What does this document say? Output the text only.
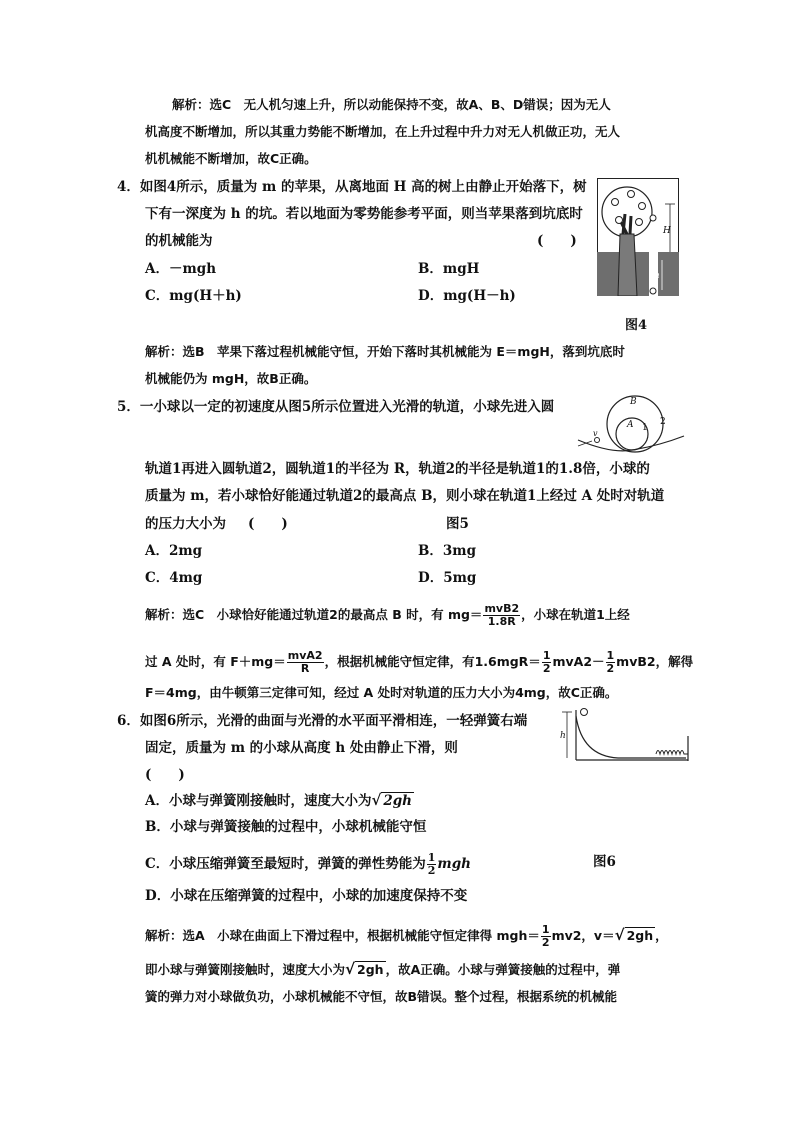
解析：选C　无人机匀速上升，所以动能保持不变，故A、B、D错误；因为无人
机高度不断增加，所以其重力势能不断增加，在上升过程中升力对无人机做正功，无人
机机械能不断增加，故C正确。
4．如图4所示，质量为 m 的苹果，从离地面 H 高的树上由静止开始落下，树
下有一深度为 h 的坑。若以地面为零势能参考平面，则当苹果落到坑底时
的机械能为	(　　)
A．－mgh	B．mgH
C．mg(H＋h)	D．mg(H－h)
H
h
图4
解析：选B　苹果下落过程机械能守恒，开始下落时其机械能为 E＝mgH，落到坑底时
机械能仍为 mgH，故B正确。
5．一小球以一定的初速度从图5所示位置进入光滑的轨道，小球先进入圆	B
A 1
2
v
轨道1再进入圆轨道2，圆轨道1的半径为 R，轨道2的半径是轨道1的1.8倍，小球的
质量为 m，若小球恰好能通过轨道2的最高点 B，则小球在轨道1上经过 A 处时对轨道
的压力大小为 (　　)	图5
A．2mg	B．3mg
C．4mg	D．5mg
解析：选C　小球恰好能通过轨道2的最高点 B 时，有 $mg= \frac{\text{mvB2}}{1.8R}$ ，小球在轨道1上经
过 A 处时，有 $F+mg= \frac{\text{mvA2}}{R}$ ，根据机械能守恒定律，有$1.6mgR= \frac{1}{2} mvA2- \frac{1}{2} mvB2$，解得
F＝4mg，由牛顿第三定律可知，经过 A 处时对轨道的压力大小为4mg，故C正确。
6．如图6所示，光滑的曲面与光滑的水平面平滑相连，一轻弹簧右端
固定，质量为 m 的小球从高度 h 处由静止下滑，则
h
(　　)
A．小球与弹簧刚接触时，速度大小为√ 2gh
B．小球与弹簧接触的过程中，小球机械能守恒
C．小球压缩弹簧至最短时，弹簧的弹性势能为 $\frac{1}{2}$ mgh	图6
D．小球在压缩弹簧的过程中，小球的加速度保持不变
解析：选A　小球在曲面上下滑过程中，根据机械能守恒定律得 $mgh= \frac{1}{2} mv2$，v＝√ 2gh ，
即小球与弹簧刚接触时，速度大小为√ 2gh ，故A正确。小球与弹簧接触的过程中，弹
簧的弹力对小球做负功，小球机械能不守恒，故B错误。整个过程，根据系统的机械能
